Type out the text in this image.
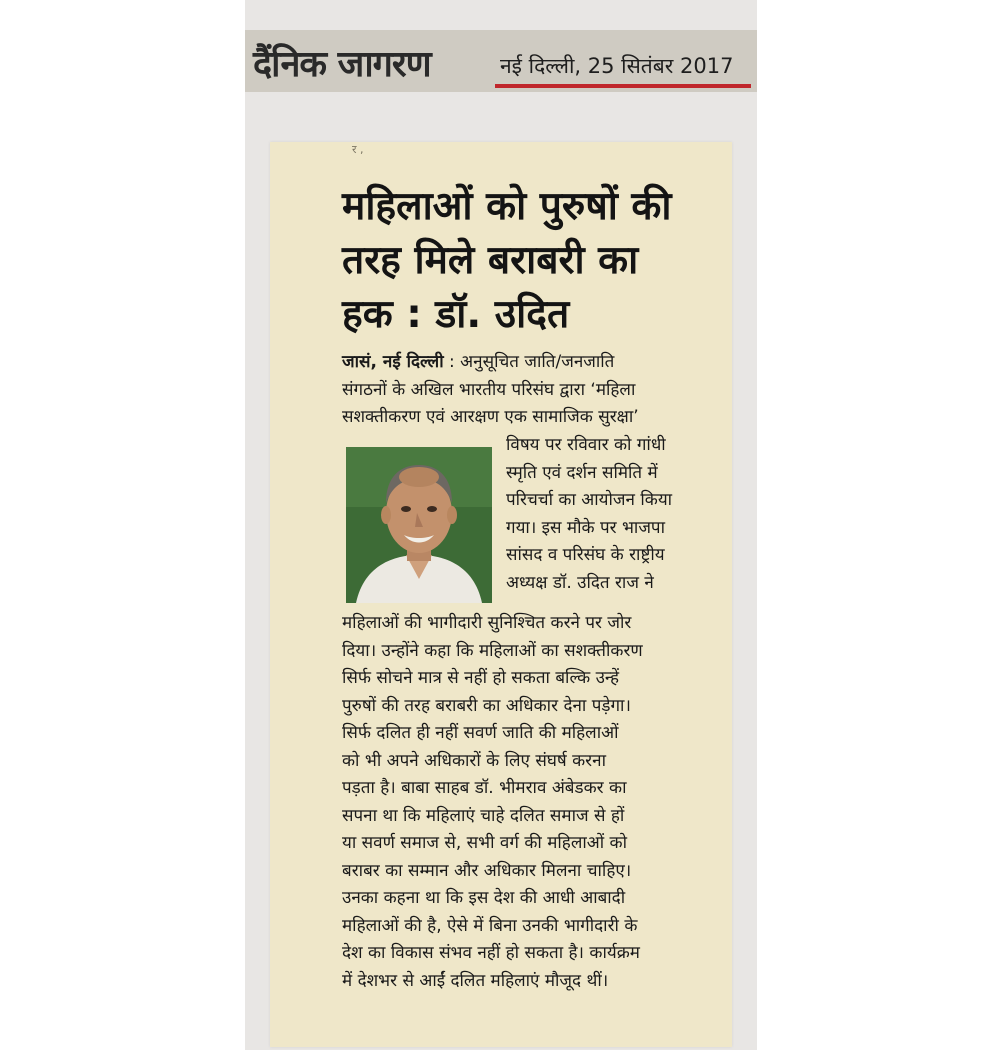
दैंनिक जागरण	नई दिल्ली, 25 सितंबर 2017
र ,
महिलाओं को पुरुषों की
तरह मिले बराबरी का
हक : डॉ. उदित
जासं, नई दिल्ली : अनुसूचित जाति/जनजाति
संगठनों के अखिल भारतीय परिसंघ द्वारा ‘महिला
सशक्तीकरण एवं आरक्षण एक सामाजिक सुरक्षा’
विषय पर रविवार को गांधी
स्मृति एवं दर्शन समिति में
परिचर्चा का आयोजन किया
गया। इस मौके पर भाजपा
सांसद व परिसंघ के राष्ट्रीय
अध्यक्ष डॉ. उदित राज ने
महिलाओं की भागीदारी सुनिश्चित करने पर जोर
दिया। उन्होंने कहा कि महिलाओं का सशक्तीकरण
सिर्फ सोचने मात्र से नहीं हो सकता बल्कि उन्हें
पुरुषों की तरह बराबरी का अधिकार देना पड़ेगा।
सिर्फ दलित ही नहीं सवर्ण जाति की महिलाओं
को भी अपने अधिकारों के लिए संघर्ष करना
पड़ता है। बाबा साहब डॉ. भीमराव अंबेडकर का
सपना था कि महिलाएं चाहे दलित समाज से हों
या सवर्ण समाज से, सभी वर्ग की महिलाओं को
बराबर का सम्मान और अधिकार मिलना चाहिए।
उनका कहना था कि इस देश की आधी आबादी
महिलाओं की है, ऐसे में बिना उनकी भागीदारी के
देश का विकास संभव नहीं हो सकता है। कार्यक्रम
में देशभर से आईं दलित महिलाएं मौजूद थीं।
